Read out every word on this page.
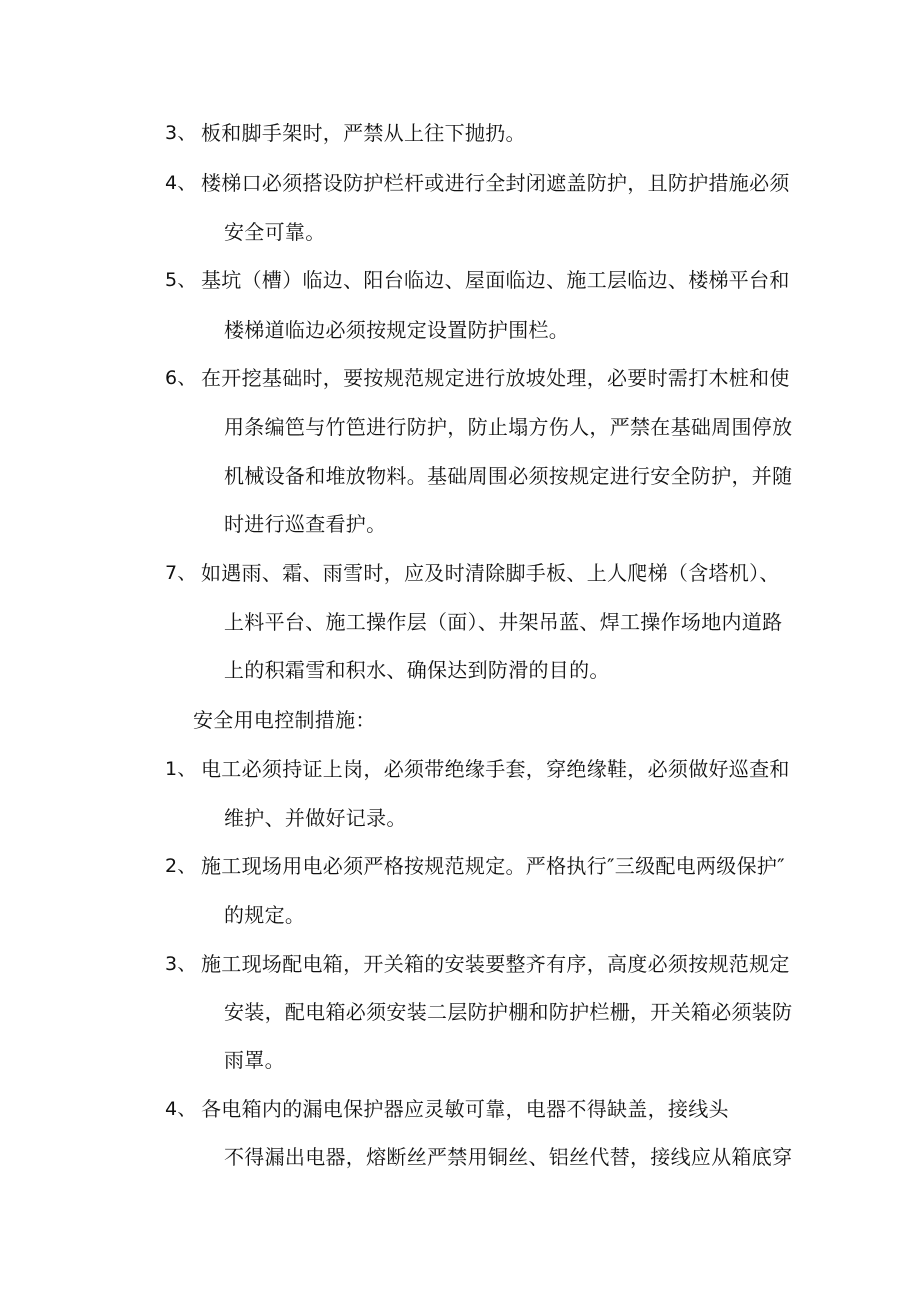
3、 板和脚手架时，严禁从上往下抛扔。
4、 楼梯口必须搭设防护栏杆或进行全封闭遮盖防护，且防护措施必须
安全可靠。
5、 基坑（槽）临边、阳台临边、屋面临边、施工层临边、楼梯平台和
楼梯道临边必须按规定设置防护围栏。
6、 在开挖基础时，要按规范规定进行放坡处理，必要时需打木桩和使
用条编笆与竹笆进行防护，防止塌方伤人，严禁在基础周围停放
机械设备和堆放物料。基础周围必须按规定进行安全防护，并随
时进行巡查看护。
7、 如遇雨、霜、雨雪时，应及时清除脚手板、上人爬梯（含塔机）、
上料平台、施工操作层（面）、井架吊蓝、焊工操作场地内道路
上的积霜雪和积水、确保达到防滑的目的。
安全用电控制措施：
1、 电工必须持证上岗，必须带绝缘手套，穿绝缘鞋，必须做好巡查和
维护、并做好记录。
2、 施工现场用电必须严格按规范规定。严格执行″三级配电两级保护″
的规定。
3、 施工现场配电箱，开关箱的安装要整齐有序，高度必须按规范规定
安装，配电箱必须安装二层防护棚和防护栏栅，开关箱必须装防
雨罩。
4、 各电箱内的漏电保护器应灵敏可靠，电器不得缺盖，接线头
不得漏出电器，熔断丝严禁用铜丝、铝丝代替，接线应从箱底穿
